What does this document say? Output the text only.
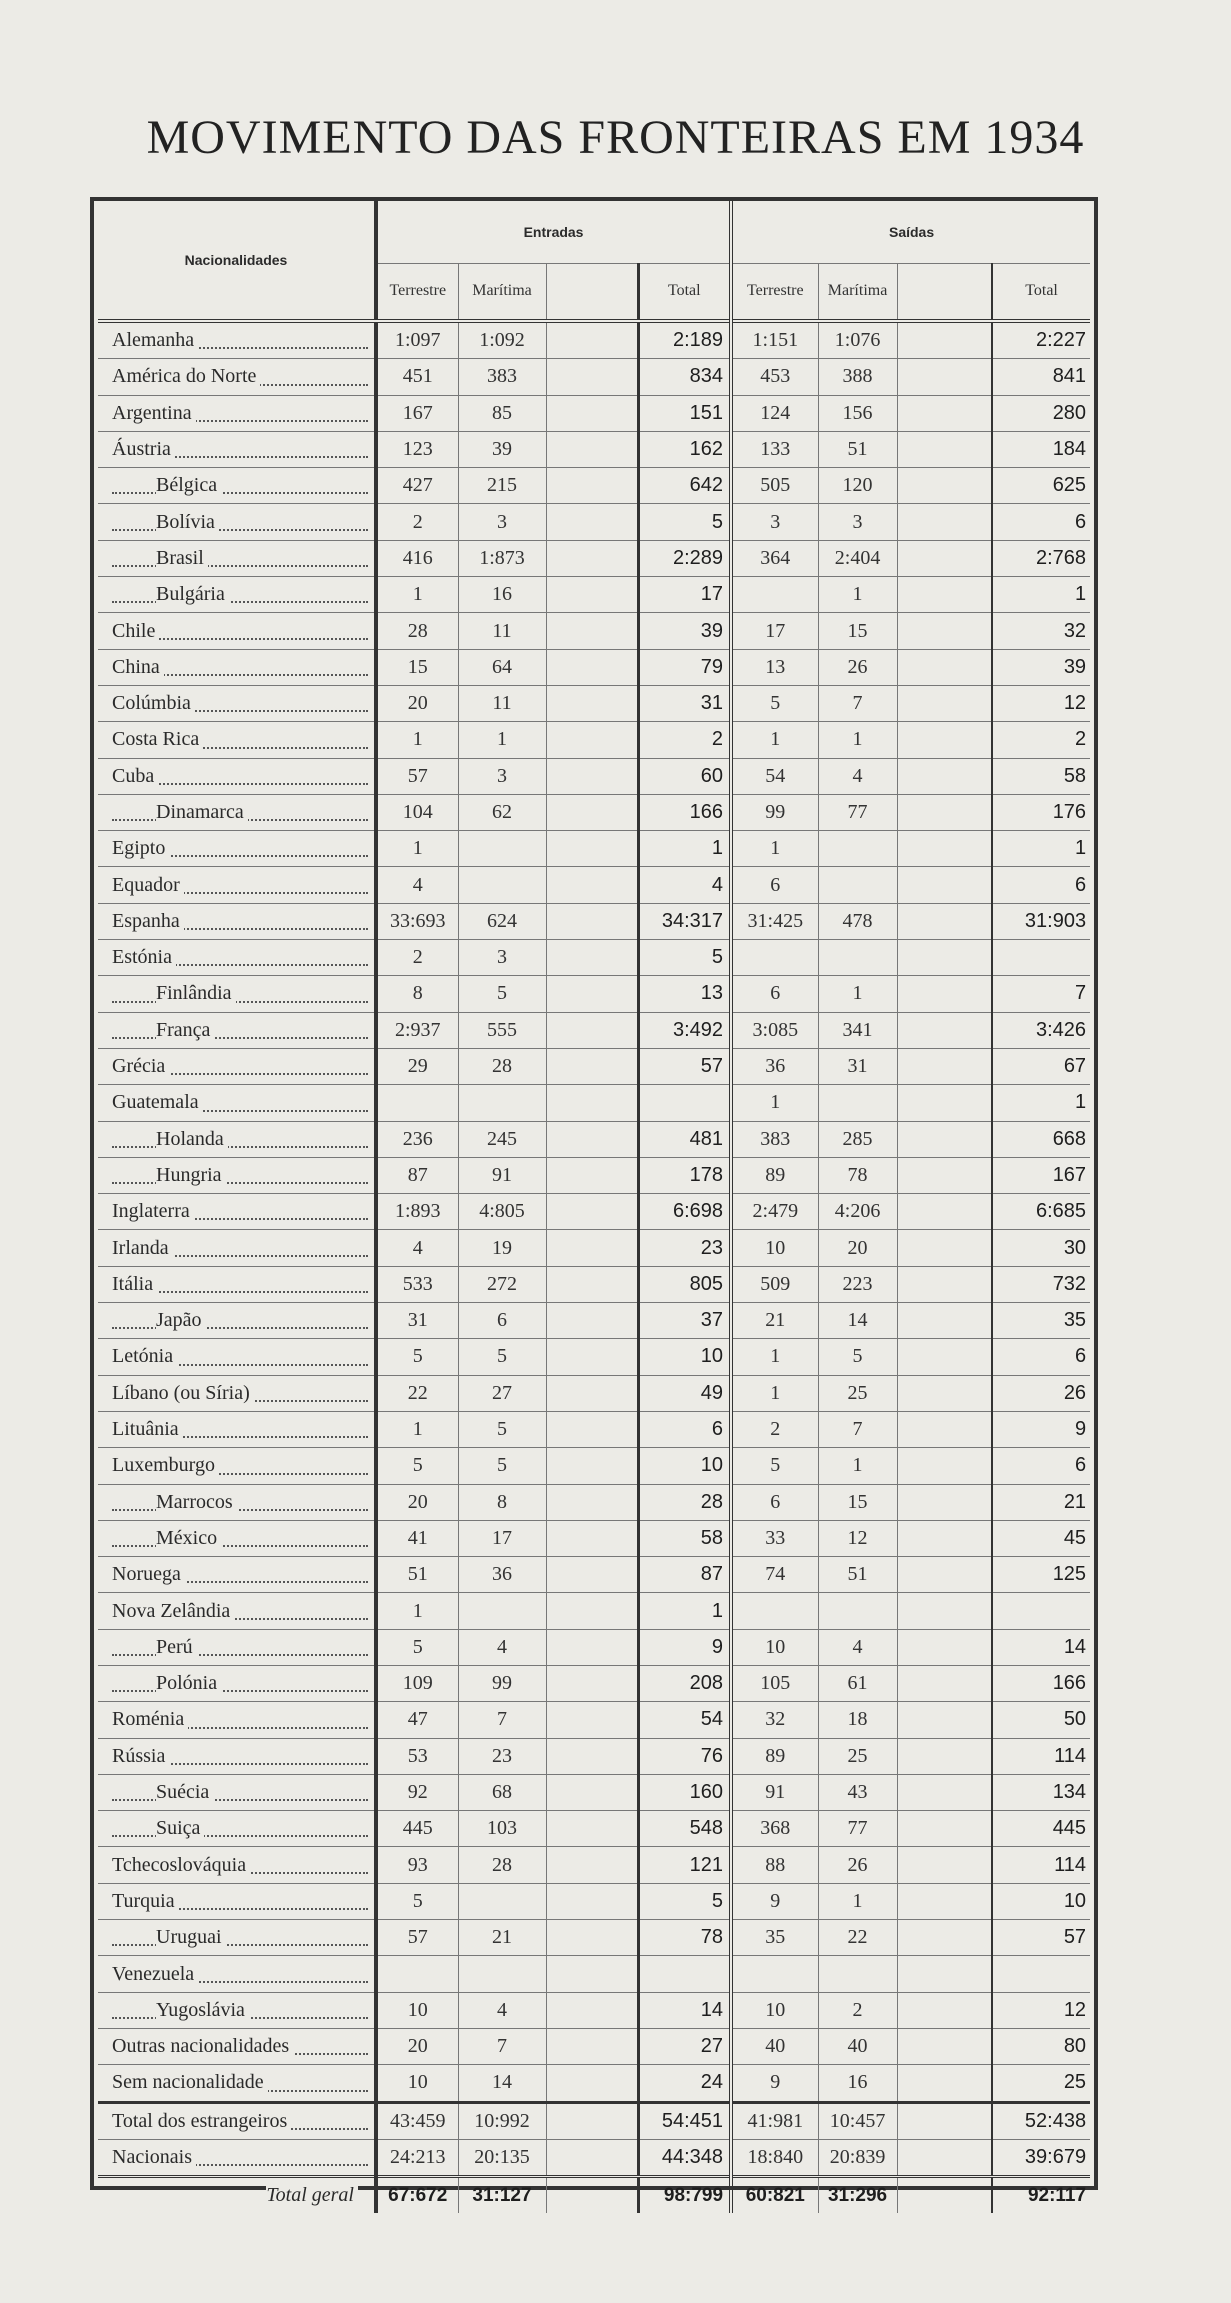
MOVIMENTO DAS FRONTEIRAS EM 1934
Nacionalidades	Entradas				Saídas			
	Terrestre	Marítima		Total	Terrestre	Marítima		Total

Alemanha	1:097	1:092		2:189	1:151	1:076		2:227

América do Norte	451	383		834	453	388		841

Argentina	167	85		151	124	156		280

Áustria	123	39		162	133	51		184

Bélgica	427	215		642	505	120		625

Bolívia	2	3		5	3	3		6

Brasil	416	1:873		2:289	364	2:404		2:768

Bulgária	1	16		17		1		1

Chile	28	11		39	17	15		32

China	15	64		79	13	26		39

Colúmbia	20	11		31	5	7		12

Costa Rica	1	1		2	1	1		2

Cuba	57	3		60	54	4		58

Dinamarca	104	62		166	99	77		176

Egipto	1			1	1			1

Equador	4			4	6			6

Espanha	33:693	624		34:317	31:425	478		31:903

Estónia	2	3		5				

Finlândia	8	5		13	6	1		7

França	2:937	555		3:492	3:085	341		3:426

Grécia	29	28		57	36	31		67

Guatemala					1			1

Holanda	236	245		481	383	285		668

Hungria	87	91		178	89	78		167

Inglaterra	1:893	4:805		6:698	2:479	4:206		6:685

Irlanda	4	19		23	10	20		30

Itália	533	272		805	509	223		732

Japão	31	6		37	21	14		35

Letónia	5	5		10	1	5		6

Líbano (ou Síria)	22	27		49	1	25		26

Lituânia	1	5		6	2	7		9

Luxemburgo	5	5		10	5	1		6

Marrocos	20	8		28	6	15		21

México	41	17		58	33	12		45

Noruega	51	36		87	74	51		125

Nova Zelândia	1			1				

Perú	5	4		9	10	4		14

Polónia	109	99		208	105	61		166

Roménia	47	7		54	32	18		50

Rússia	53	23		76	89	25		114

Suécia	92	68		160	91	43		134

Suiça	445	103		548	368	77		445

Tchecoslováquia	93	28		121	88	26		114

Turquia	5			5	9	1		10

Uruguai	57	21		78	35	22		57

Venezuela								

Yugoslávia	10	4		14	10	2		12

Outras nacionalidades	20	7		27	40	40		80

Sem nacionalidade	10	14		24	9	16		25

Total dos estrangeiros	43:459	10:992		54:451	41:981	10:457		52:438

Nacionais	24:213	20:135		44:348	18:840	20:839		39:679
Total geral	67:672	31:127		98:799	60:821	31:296		92:117
